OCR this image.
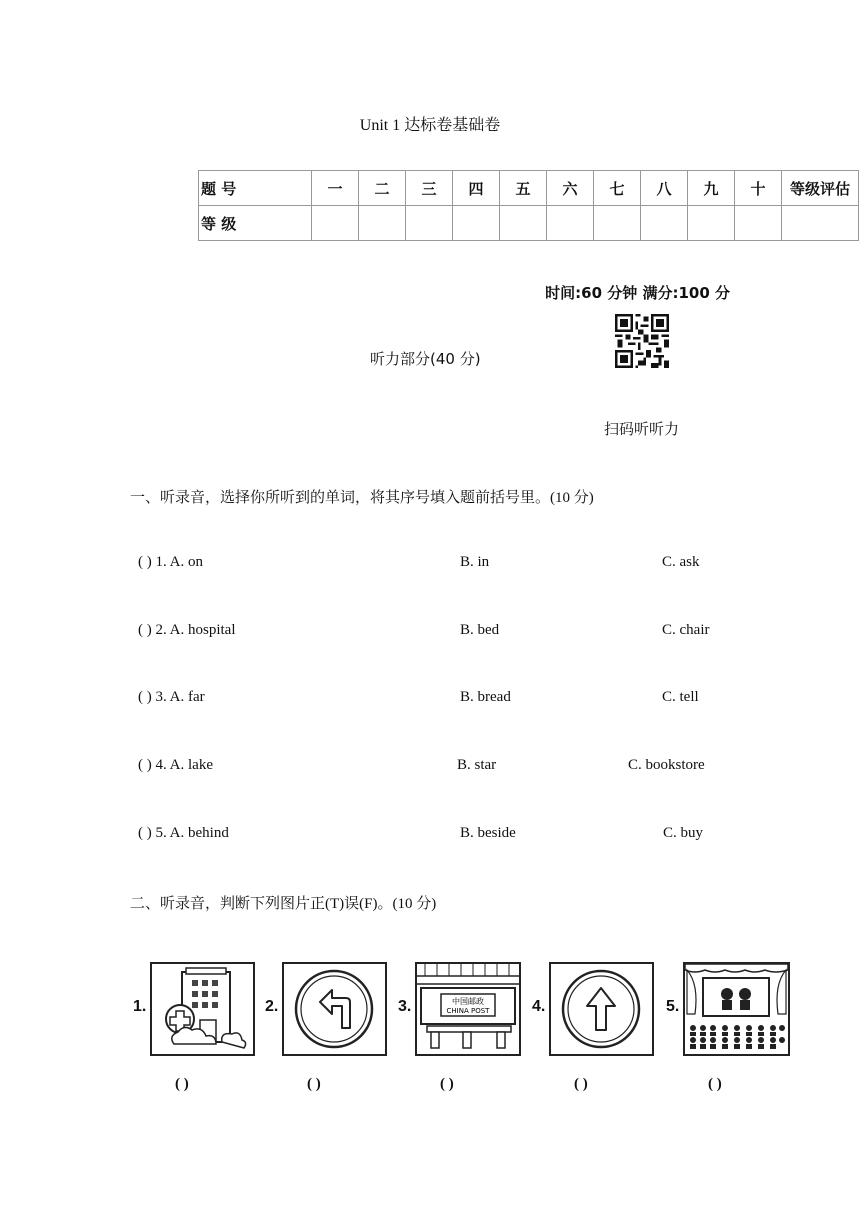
Unit 1 达标卷基础卷
题 号	一	二	三	四	五	六	七	八	九	十	等级评估
等 级											
时间:60 分钟 满分:100 分
听力部分(40 分)
扫码听听力
一、听录音，选择你所听到的单词，将其序号填入题前括号里。(10 分)
( ) 1. A. on	B. in	C. ask
( ) 2. A. hospital	B. bed	C. chair
( ) 3. A. far	B. bread	C. tell
( ) 4. A. lake	B. star	C. bookstore
( ) 5. A. behind	B. beside	C. buy
二、听录音，判断下列图片正(T)误(F)。(10 分)
1.
( )
2.
( )
3.	中国邮政
CHINA POST
( )
4.
( )
5.
( )
